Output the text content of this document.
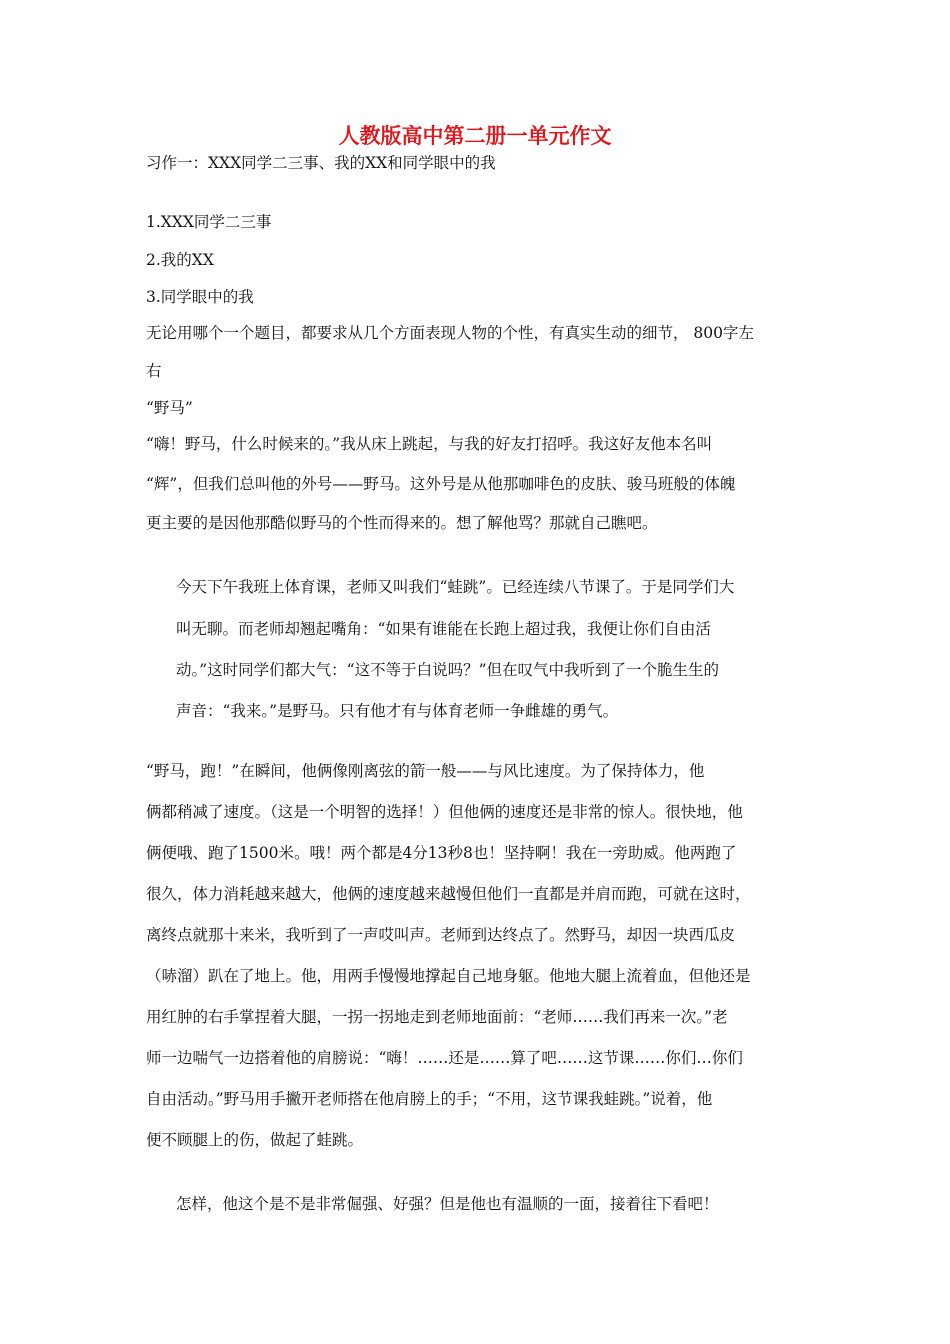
人教版高中第二册一单元作文

习作一：XXX同学二三事、我的XX和同学眼中的我

1.XXX同学二三事

2.我的XX

3.同学眼中的我

无论用哪个一个题目，都要求从几个方面表现人物的个性，有真实生动的细节， 800字左

右

“野马”

“嗨！野马，什么时候来的。”我从床上跳起，与我的好友打招呼。我这好友他本名叫

“辉”，但我们总叫他的外号——野马。这外号是从他那咖啡色的皮肤、骏马班般的体魄

更主要的是因他那酷似野马的个性而得来的。想了解他骂？那就自己瞧吧。

今天下午我班上体育课，老师又叫我们“蛙跳”。已经连续八节课了。于是同学们大

叫无聊。而老师却翘起嘴角：“如果有谁能在长跑上超过我，我便让你们自由活

动。”这时同学们都大气：“这不等于白说吗？”但在叹气中我听到了一个脆生生的

声音：“我来。”是野马。只有他才有与体育老师一争雌雄的勇气。

“野马，跑！”在瞬间，他俩像刚离弦的箭一般——与风比速度。为了保持体力，他

俩都稍减了速度。（这是一个明智的选择！）但他俩的速度还是非常的惊人。很快地，他

俩便哦、跑了1500米。哦！两个都是4分13秒8也！坚持啊！我在一旁助威。他两跑了

很久，体力消耗越来越大，他俩的速度越来越慢但他们一直都是并肩而跑，可就在这时，

离终点就那十来米，我听到了一声哎叫声。老师到达终点了。然野马，却因一块西瓜皮

（哧溜）趴在了地上。他，用两手慢慢地撑起自己地身躯。他地大腿上流着血，但他还是

用红肿的右手掌捏着大腿，一拐一拐地走到老师地面前：“老师……我们再来一次。”老

师一边喘气一边搭着他的肩膀说：“嗨！……还是……算了吧……这节课……你们…你们

自由活动。”野马用手撇开老师搭在他肩膀上的手；“不用，这节课我蛙跳。”说着，他

便不顾腿上的伤，做起了蛙跳。

怎样，他这个是不是非常倔强、好强？但是他也有温顺的一面，接着往下看吧！
